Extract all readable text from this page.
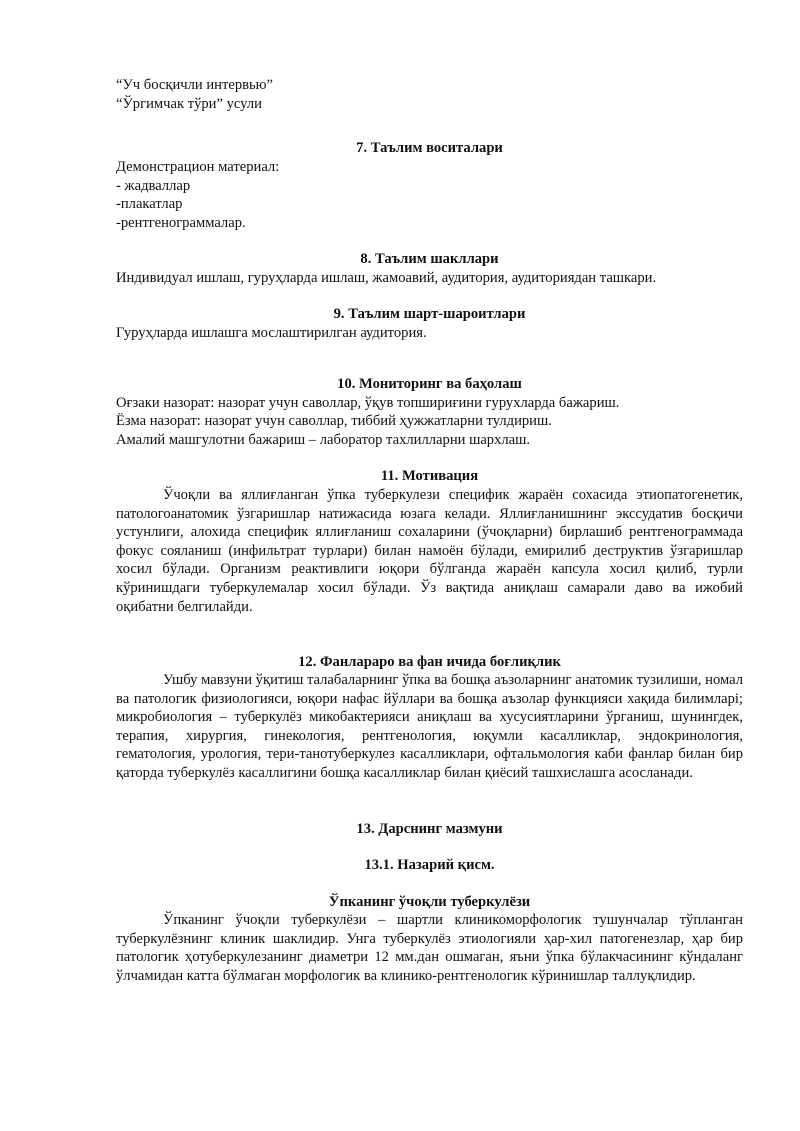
“Уч босқичли интервью”
“Ўргимчак тўри” усули
7. Таълим воситалари
Демонстрацион материал:
- жадваллар
-плакатлар
-рентгенограммалар.
8. Таълим шакллари
Индивидуал ишлаш, гуруҳларда ишлаш, жамоавий, аудитория, аудиториядан ташкари.
9. Таълим шарт-шароитлари
Гуруҳларда ишлашга мослаштирилган аудитория.
10. Мониторинг ва баҳолаш
Оғзаки назорат: назорат учун саволлар, ўқув топшириғини гурухларда бажариш.
Ёзма назорат: назорат учун саволлар, тиббий ҳужжатларни тулдириш.
Амалий машгулотни бажариш – лаборатор тахлилларни шархлаш.
11. Мотивация
Ўчоқли ва яллиғланган ўпка туберкулези специфик жараён сохасида этиопатогенетик, патологоанатомик ўзгаришлар натижасида юзага келади. Яллиғланишнинг экссудатив босқичи устунлиги, алохида специфик яллиғланиш сохаларини (ўчоқларни) бирлашиб рентгенограммада фокус сояланиш (инфильтрат турлари) билан намоён бўлади, емирилиб деструктив ўзгаришлар хосил бўлади. Организм реактивлиги юқори бўлганда жараён капсула хосил қилиб, турли кўринишдаги туберкулемалар хосил бўлади. Ўз вақтида аниқлаш самарали даво ва ижобий оқибатни белгилайди.
12. Фанлараро ва фан ичида боғлиқлик
Ушбу мавзуни ўқитиш талабаларнинг ўпка ва бошқа аъзоларнинг анатомик тузилиши, номал ва патологик физиологияси, юқори нафас йўллари ва бошқа аъзолар функцияси хақида билимларi; микробиология – туберкулёз микобактерияси аниқлаш ва хусусиятларини ўрганиш, шунингдек, терапия, хирургия, гинекология, рентгенология, юқумли касалликлар, эндокринология, гематология, урология, тери-танотуберкулез касалликлари, офтальмология каби фанлар билан бир қаторда туберкулёз касаллигини бошқа касалликлар билан қиёсий ташхислашга асосланади.
13. Дарснинг мазмуни
13.1. Назарий қисм.
Ўпканинг ўчоқли туберкулёзи
Ўпканинг ўчоқли туберкулёзи – шартли клиникоморфологик тушунчалар тўпланган туберкулёзнинг клиник шаклидир. Унга туберкулёз этиологияли ҳар-хил патогенезлар, ҳар бир патологик ҳотуберкулезанинг диаметри 12 мм.дан ошмаган, яъни ўпка бўлакчасининг кўндаланг ўлчамидан катта бўлмаган морфологик ва клинико-рентгенологик кўринишлар таллуқлидир.
